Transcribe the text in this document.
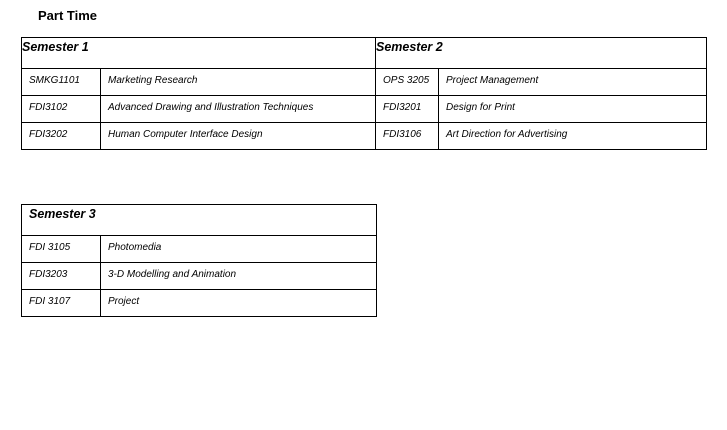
Part Time
Semester 1		Semester 2	
SMKG1101	Marketing Research	OPS 3205	Project Management
FDI3102	Advanced Drawing and Illustration Techniques	FDI3201	Design for Print
FDI3202	Human Computer Interface Design	FDI3106	Art Direction for Advertising
Semester 3	
FDI 3105	Photomedia
FDI3203	3-D Modelling and Animation
FDI 3107	Project
